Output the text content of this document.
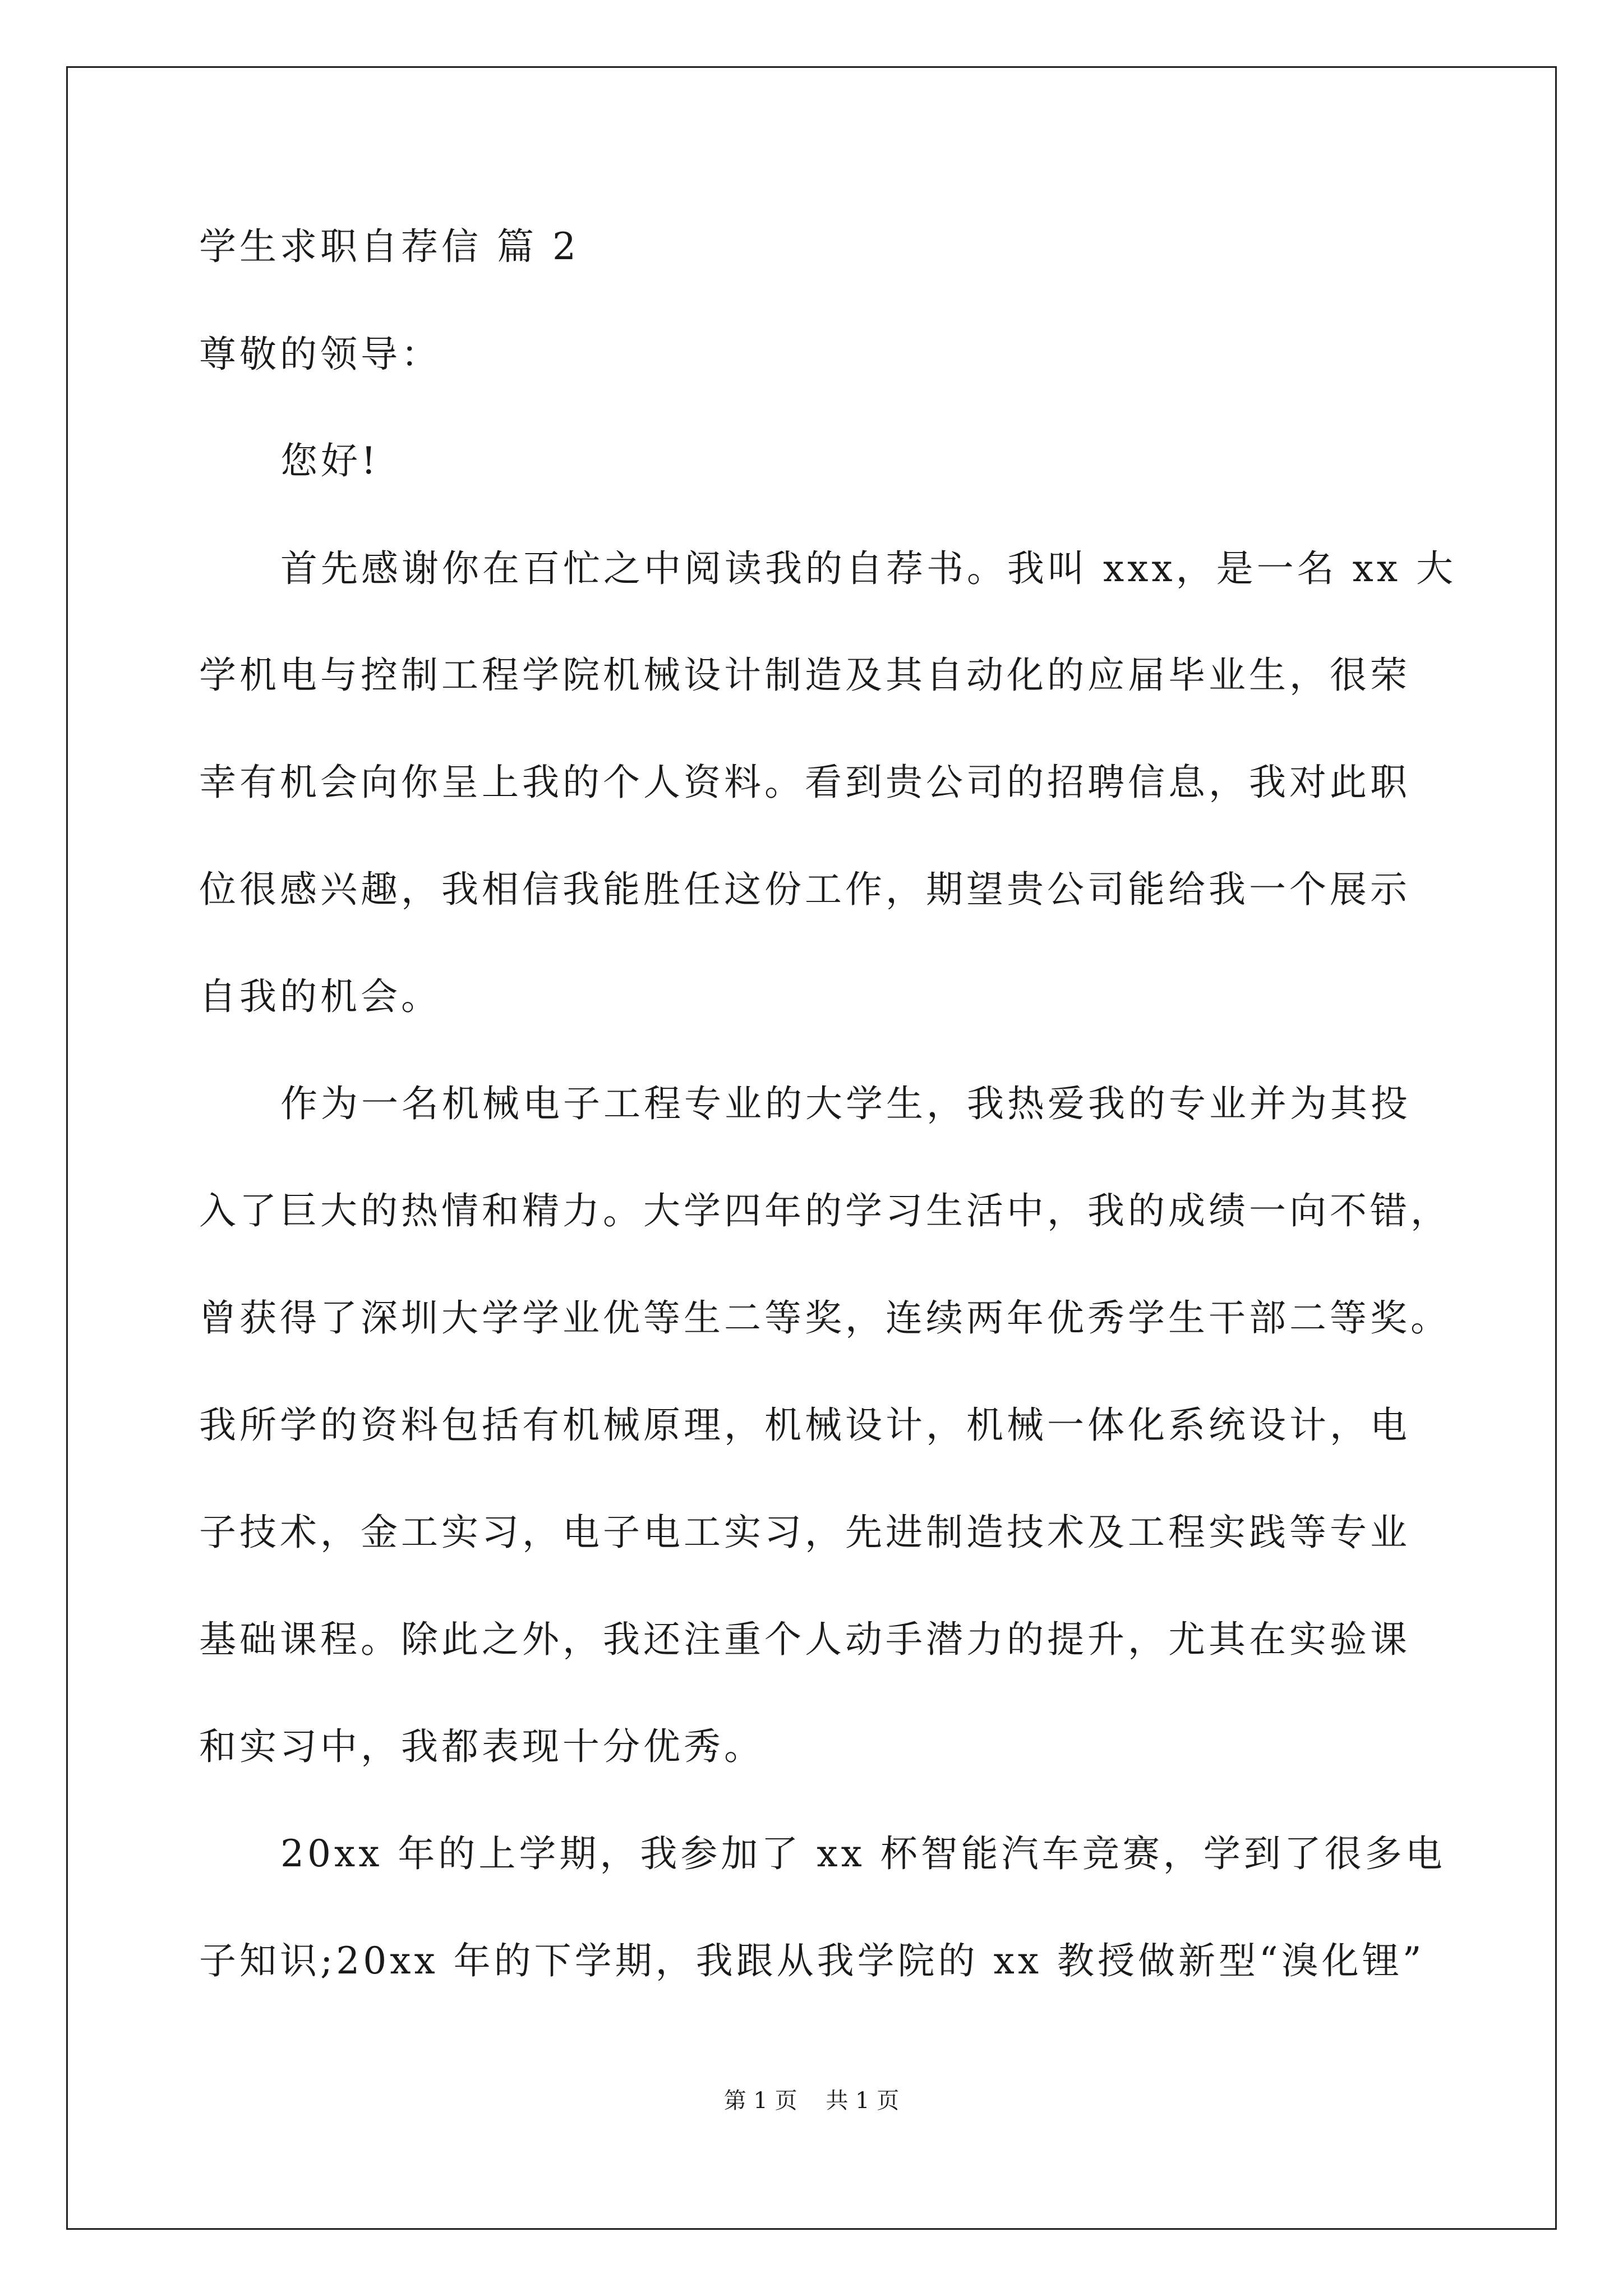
学生求职自荐信 篇 2
尊敬的领导：
您好!
首先感谢你在百忙之中阅读我的自荐书。我叫 xxx，是一名 xx 大
学机电与控制工程学院机械设计制造及其自动化的应届毕业生，很荣
幸有机会向你呈上我的个人资料。看到贵公司的招聘信息，我对此职
位很感兴趣，我相信我能胜任这份工作，期望贵公司能给我一个展示
自我的机会。
作为一名机械电子工程专业的大学生，我热爱我的专业并为其投
入了巨大的热情和精力。大学四年的学习生活中，我的成绩一向不错，
曾获得了深圳大学学业优等生二等奖，连续两年优秀学生干部二等奖。
我所学的资料包括有机械原理，机械设计，机械一体化系统设计，电
子技术，金工实习，电子电工实习，先进制造技术及工程实践等专业
基础课程。除此之外，我还注重个人动手潜力的提升，尤其在实验课
和实习中，我都表现十分优秀。
20xx 年的上学期，我参加了 xx 杯智能汽车竞赛，学到了很多电
子知识;20xx 年的下学期，我跟从我学院的 xx 教授做新型“溴化锂”
第 1 页    共 1 页
